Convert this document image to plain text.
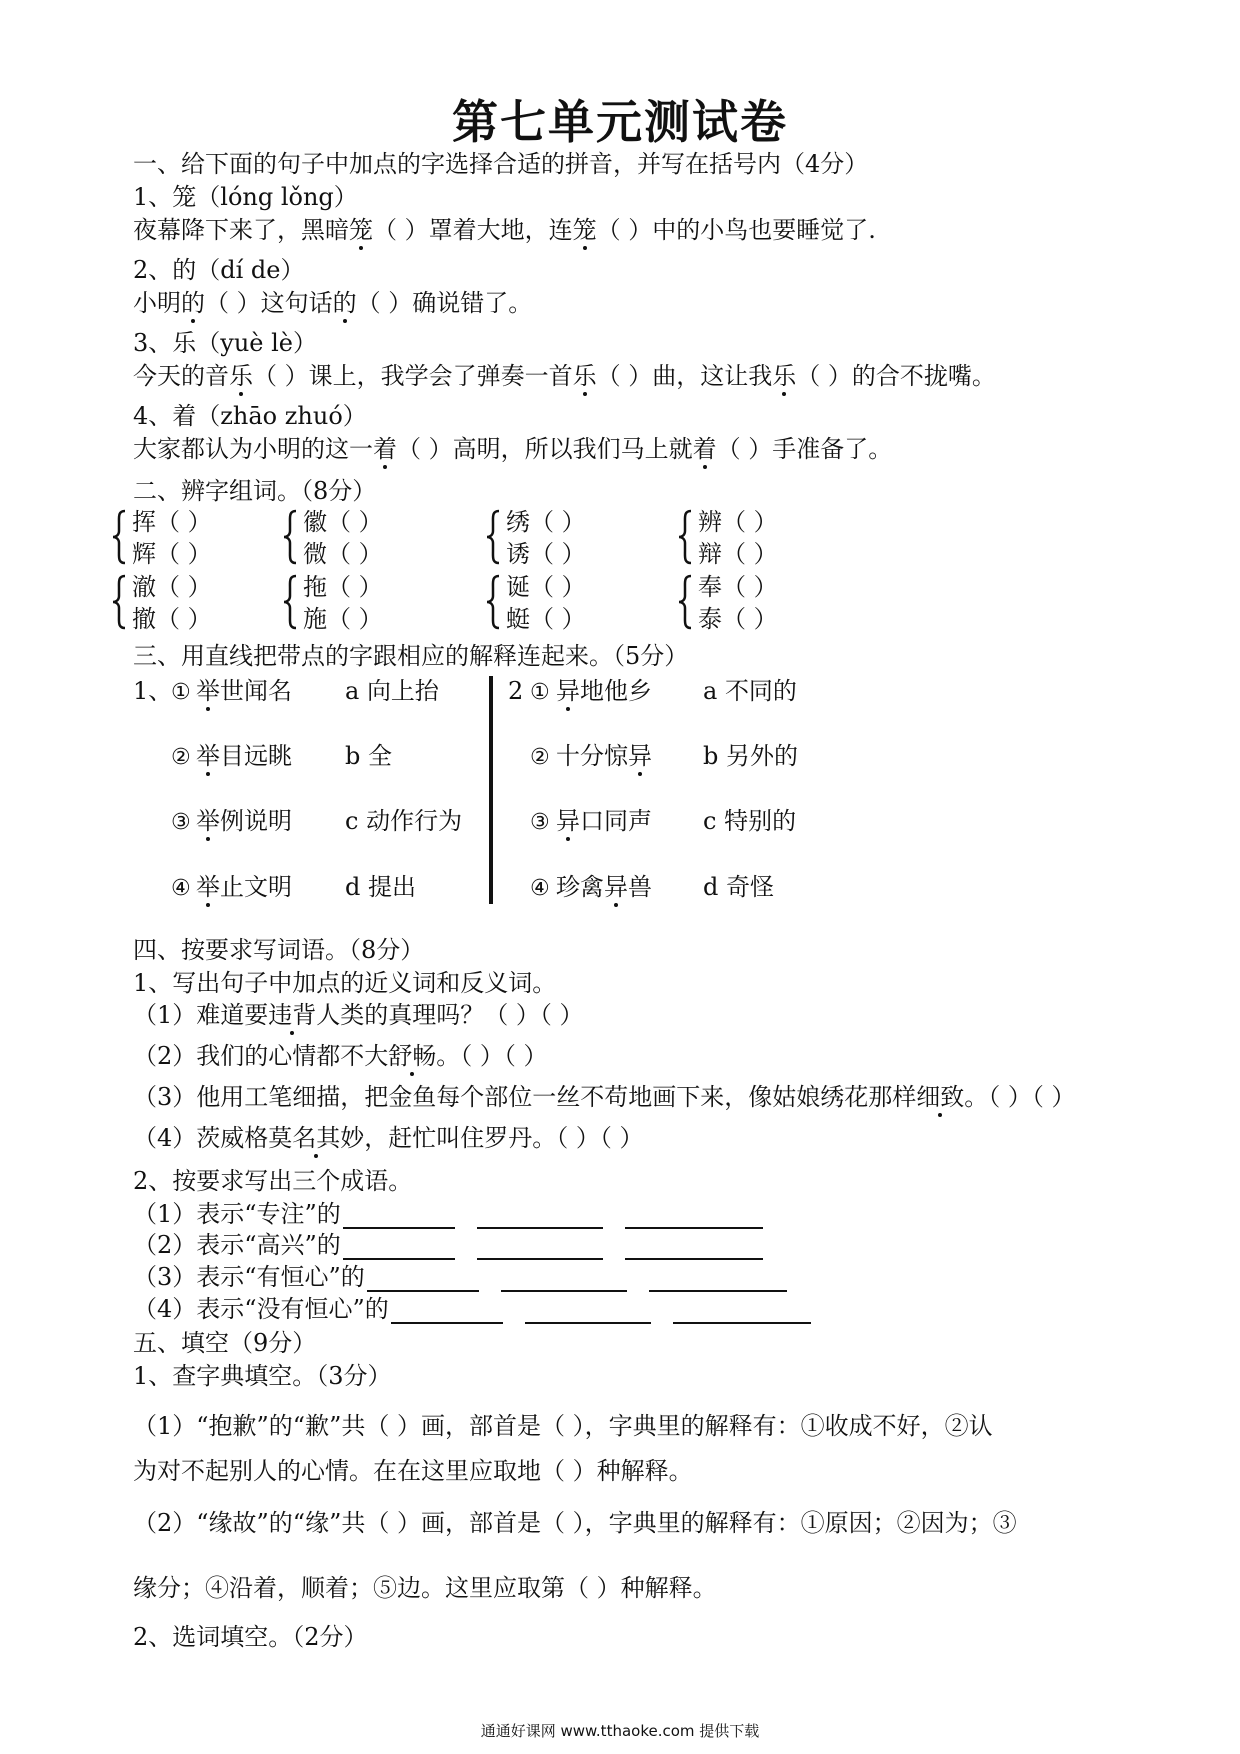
第七单元测试卷
一、给下面的句子中加点的字选择合适的拼音，并写在括号内（4分）
1、笼（lóng lǒng）
夜幕降下来了，黑暗笼（ ）罩着大地，连笼（ ）中的小鸟也要睡觉了.
2、的（dí de）
小明的（ ）这句话的（ ）确说错了。
3、乐（yuè lè）
今天的音乐（ ）课上，我学会了弹奏一首乐（ ）曲，这让我乐（ ）的合不拢嘴。
4、着（zhāo zhuó）
大家都认为小明的这一着（ ）高明，所以我们马上就着（ ）手准备了。
二、辨字组词。（8分）
挥（ ）
辉（ ）
徽（ ）
微（ ）
绣（ ）
诱（ ）
辨（ ）
辩（ ）
澈（ ）
撤（ ）
拖（ ）
施（ ）
诞（ ）
蜓（ ）
奉（ ）
泰（ ）
三、用直线把带点的字跟相应的解释连起来。（5分）
1、	2
① 举世闻名 a 向上抬	① 异地他乡 a 不同的
② 举目远眺 b 全	② 十分惊异 b 另外的
③ 举例说明 c 动作行为	③ 异口同声 c 特别的
④ 举止文明 d 提出	④ 珍禽异兽 d 奇怪
四、按要求写词语。（8分）
1、写出句子中加点的近义词和反义词。
（1）难道要违背人类的真理吗？（ ）（ ）
（2）我们的心情都不大舒畅。（ ）（ ）
（3）他用工笔细描，把金鱼每个部位一丝不苟地画下来，像姑娘绣花那样细致。（ ）（ ）
（4）茨威格莫名其妙，赶忙叫住罗丹。（ ）（ ）
2、按要求写出三个成语。
（1）表示“专注”的
（2）表示“高兴”的
（3）表示“有恒心”的
（4）表示“没有恒心”的
五、填空（9分）
1、查字典填空。（3分）
（1）“抱歉”的“歉”共（ ）画，部首是（ ），字典里的解释有：①收成不好，②认
为对不起别人的心情。在在这里应取地（ ）种解释。
（2）“缘故”的“缘”共（ ）画，部首是（ ），字典里的解释有：①原因；②因为；③
缘分；④沿着，顺着；⑤边。这里应取第（ ）种解释。
2、选词填空。（2分）
通通好课网 www.tthaoke.com 提供下载
